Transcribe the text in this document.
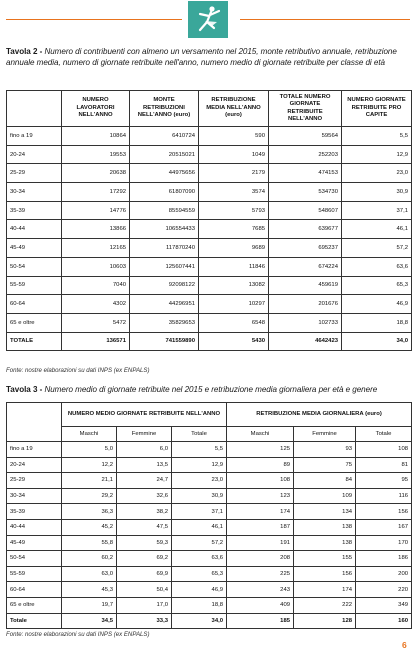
Tavola 2 - Numero di contribuenti con almeno un versamento nel 2015, monte retributivo annuale, retribuzione annuale media, numero di giornate retribuite nell'anno, numero medio di giornate retribuite per classe di età
	NUMERO LAVORATORI NELL'ANNO	MONTE RETRIBUZIONI NELL'ANNO (euro)	RETRIBUZIONE MEDIA NELL'ANNO (euro)	TOTALE NUMERO GIORNATE RETRIBUITE NELL'ANNO	NUMERO GIORNATE RETRIBUITE PRO CAPITE
fino a 19	10864	6410724	590	59564	5,5
20-24	19553	20515021	1049	252203	12,9
25-29	20638	44975656	2179	474153	23,0
30-34	17292	61807090	3574	534730	30,9
35-39	14776	85594559	5793	548607	37,1
40-44	13866	106554433	7685	639677	46,1
45-49	12165	117870240	9689	695237	57,2
50-54	10603	125607441	11846	674224	63,6
55-59	7040	92098122	13082	459619	65,3
60-64	4302	44296951	10297	201676	46,9
65 e oltre	5472	35829653	6548	102733	18,8
TOTALE	136571	741559890	5430	4642423	34,0
Fonte: nostre elaborazioni su dati INPS (ex ENPALS)
Tavola 3 - Numero medio di giornate retribuite nel 2015 e retribuzione media giornaliera per età e genere
	NUMERO MEDIO GIORNATE RETRIBUITE NELL'ANNO			RETRIBUZIONE MEDIA GIORNALIERA (euro)		
	Maschi	Femmine	Totale	Maschi	Femmine	Totale
fino a 19	5,0	6,0	5,5	125	93	108
20-24	12,2	13,5	12,9	89	75	81
25-29	21,1	24,7	23,0	108	84	95
30-34	29,2	32,6	30,9	123	109	116
35-39	36,3	38,2	37,1	174	134	156
40-44	45,2	47,5	46,1	187	138	167
45-49	55,8	59,3	57,2	191	138	170
50-54	60,2	69,2	63,6	208	155	186
55-59	63,0	69,9	65,3	225	156	200
60-64	45,3	50,4	46,9	243	174	220
65 e oltre	19,7	17,0	18,8	409	222	349
Totale	34,5	33,3	34,0	185	128	160
Fonte: nostre elaborazioni su dati INPS (ex ENPALS)
6
